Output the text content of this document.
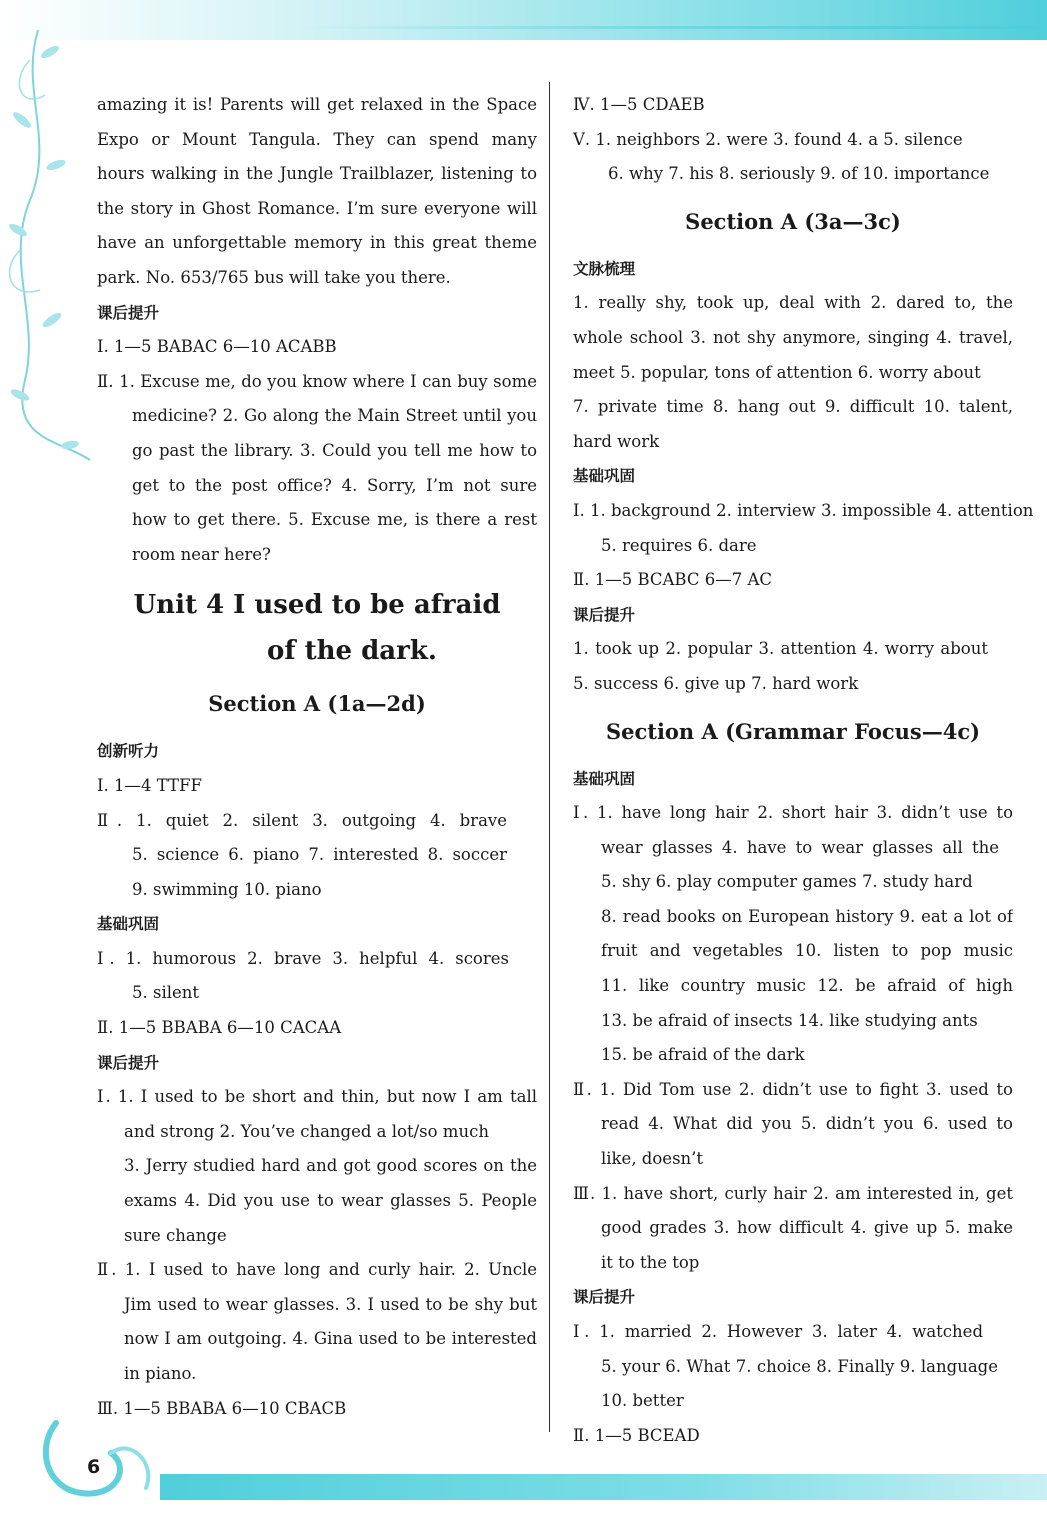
amazing it is! Parents will get relaxed in the Space
Expo or Mount Tangula. They can spend many
hours walking in the Jungle Trailblazer, listening to
the story in Ghost Romance. I’m sure everyone will
have an unforgettable memory in this great theme
park. No. 653/765 bus will take you there.
课后提升
Ⅰ. 1—5 BABAC 6—10 ACABB
Ⅱ. 1. Excuse me, do you know where I can buy some
medicine? 2. Go along the Main Street until you
go past the library. 3. Could you tell me how to
get to the post office? 4. Sorry, I’m not sure
how to get there. 5. Excuse me, is there a rest
room near here?
Unit 4 I used to be afraid
of the dark.
Section A (1a—2d)
创新听力
Ⅰ. 1—4 TTFF
Ⅱ. 1. quiet 2. silent 3. outgoing 4. brave
5. science 6. piano 7. interested 8. soccer
9. swimming 10. piano
基础巩固
Ⅰ. 1. humorous 2. brave 3. helpful 4. scores
5. silent
Ⅱ. 1—5 BBABA 6—10 CACAA
课后提升
Ⅰ. 1. I used to be short and thin, but now I am tall
and strong 2. You’ve changed a lot/so much
3. Jerry studied hard and got good scores on the
exams 4. Did you use to wear glasses 5. People
sure change
Ⅱ. 1. I used to have long and curly hair. 2. Uncle
Jim used to wear glasses. 3. I used to be shy but
now I am outgoing. 4. Gina used to be interested
in piano.
Ⅲ. 1—5 BBABA 6—10 CBACB
Ⅳ. 1—5 CDAEB
Ⅴ. 1. neighbors 2. were 3. found 4. a 5. silence
6. why 7. his 8. seriously 9. of 10. importance
Section A (3a—3c)
文脉梳理
1. really shy, took up, deal with 2. dared to, the
whole school 3. not shy anymore, singing 4. travel,
meet 5. popular, tons of attention 6. worry about
7. private time 8. hang out 9. difficult 10. talent,
hard work
基础巩固
Ⅰ. 1. background 2. interview 3. impossible 4. attention
5. requires 6. dare
Ⅱ. 1—5 BCABC 6—7 AC
课后提升
1. took up 2. popular 3. attention 4. worry about
5. success 6. give up 7. hard work
Section A (Grammar Focus—4c)
基础巩固
Ⅰ. 1. have long hair 2. short hair 3. didn’t use to
wear glasses 4. have to wear glasses all the
5. shy 6. play computer games 7. study hard
8. read books on European history 9. eat a lot of
fruit and vegetables 10. listen to pop music
11. like country music 12. be afraid of high
13. be afraid of insects 14. like studying ants
15. be afraid of the dark
Ⅱ. 1. Did Tom use 2. didn’t use to fight 3. used to
read 4. What did you 5. didn’t you 6. used to
like, doesn’t
Ⅲ. 1. have short, curly hair 2. am interested in, get
good grades 3. how difficult 4. give up 5. make
it to the top
课后提升
Ⅰ. 1. married 2. However 3. later 4. watched
5. your 6. What 7. choice 8. Finally 9. language
10. better
Ⅱ. 1—5 BCEAD
6
